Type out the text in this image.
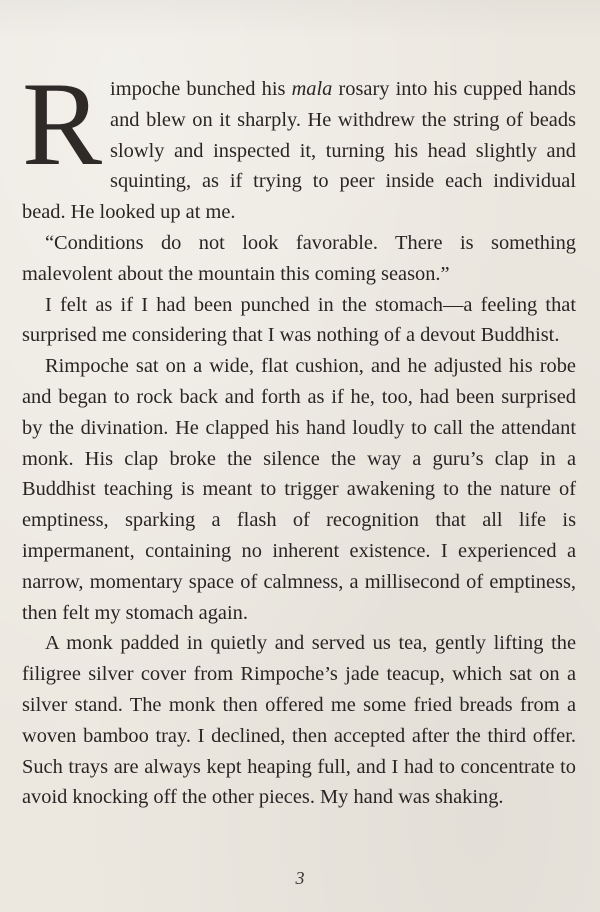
Rimpoche bunched his mala rosary into his cupped hands and blew on it sharply. He withdrew the string of beads slowly and inspected it, turning his head slightly and squinting, as if trying to peer inside each individual bead. He looked up at me.

“Conditions do not look favorable. There is something malevolent about the mountain this coming season.”

I felt as if I had been punched in the stomach—a feeling that surprised me considering that I was nothing of a devout Buddhist.

Rimpoche sat on a wide, flat cushion, and he adjusted his robe and began to rock back and forth as if he, too, had been surprised by the divination. He clapped his hand loudly to call the attendant monk. His clap broke the silence the way a guru’s clap in a Buddhist teaching is meant to trigger awakening to the nature of emptiness, sparking a flash of recognition that all life is impermanent, containing no inherent existence. I experienced a narrow, momentary space of calmness, a millisecond of emptiness, then felt my stomach again.

A monk padded in quietly and served us tea, gently lifting the filigree silver cover from Rimpoche’s jade teacup, which sat on a silver stand. The monk then offered me some fried breads from a woven bamboo tray. I declined, then accepted after the third offer. Such trays are always kept heaping full, and I had to concentrate to avoid knocking off the other pieces. My hand was shaking.

3
